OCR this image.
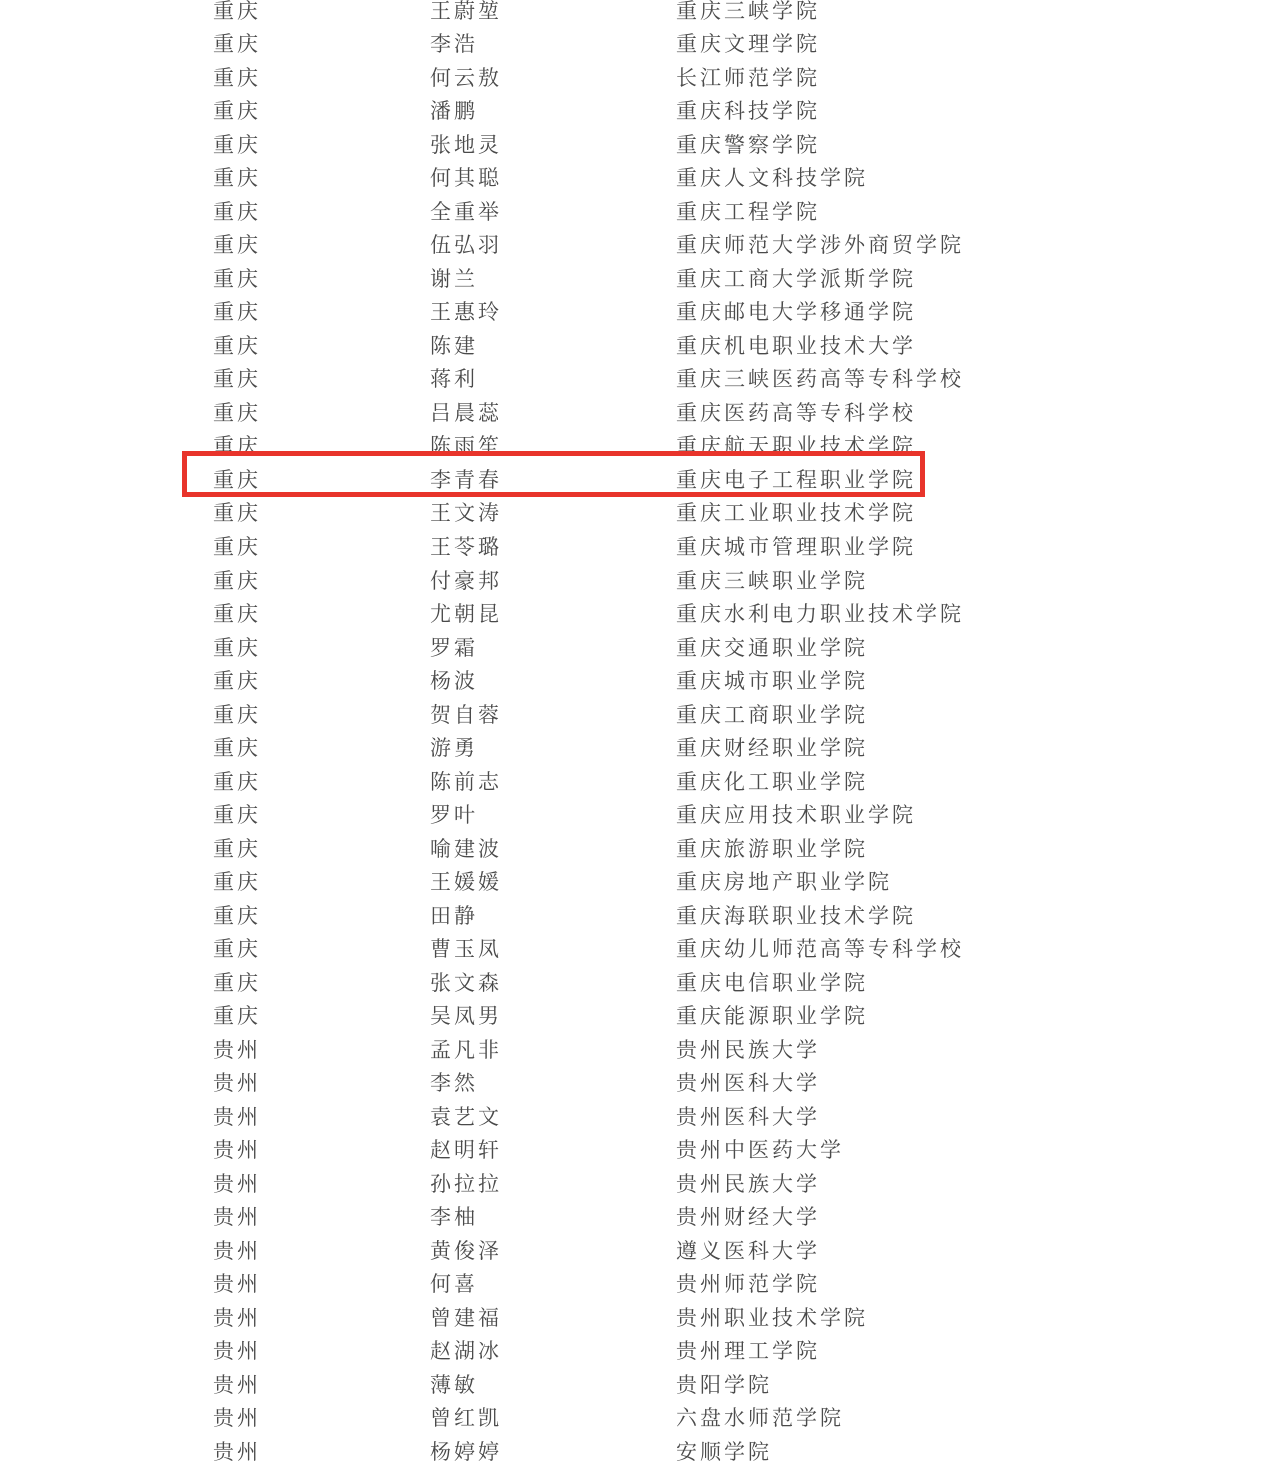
重庆	王蔚堃	重庆三峡学院
重庆	李浩	重庆文理学院
重庆	何云敖	长江师范学院
重庆	潘鹏	重庆科技学院
重庆	张地灵	重庆警察学院
重庆	何其聪	重庆人文科技学院
重庆	全重举	重庆工程学院
重庆	伍弘羽	重庆师范大学涉外商贸学院
重庆	谢兰	重庆工商大学派斯学院
重庆	王惠玲	重庆邮电大学移通学院
重庆	陈建	重庆机电职业技术大学
重庆	蒋利	重庆三峡医药高等专科学校
重庆	吕晨蕊	重庆医药高等专科学校
重庆	陈雨笙	重庆航天职业技术学院
重庆	李青春	重庆电子工程职业学院
重庆	王文涛	重庆工业职业技术学院
重庆	王苓璐	重庆城市管理职业学院
重庆	付豪邦	重庆三峡职业学院
重庆	尤朝昆	重庆水利电力职业技术学院
重庆	罗霜	重庆交通职业学院
重庆	杨波	重庆城市职业学院
重庆	贺自蓉	重庆工商职业学院
重庆	游勇	重庆财经职业学院
重庆	陈前志	重庆化工职业学院
重庆	罗叶	重庆应用技术职业学院
重庆	喻建波	重庆旅游职业学院
重庆	王媛媛	重庆房地产职业学院
重庆	田静	重庆海联职业技术学院
重庆	曹玉凤	重庆幼儿师范高等专科学校
重庆	张文森	重庆电信职业学院
重庆	吴凤男	重庆能源职业学院
贵州	孟凡非	贵州民族大学
贵州	李然	贵州医科大学
贵州	袁艺文	贵州医科大学
贵州	赵明轩	贵州中医药大学
贵州	孙拉拉	贵州民族大学
贵州	李柚	贵州财经大学
贵州	黄俊泽	遵义医科大学
贵州	何喜	贵州师范学院
贵州	曾建福	贵州职业技术学院
贵州	赵湖冰	贵州理工学院
贵州	薄敏	贵阳学院
贵州	曾红凯	六盘水师范学院
贵州	杨婷婷	安顺学院
